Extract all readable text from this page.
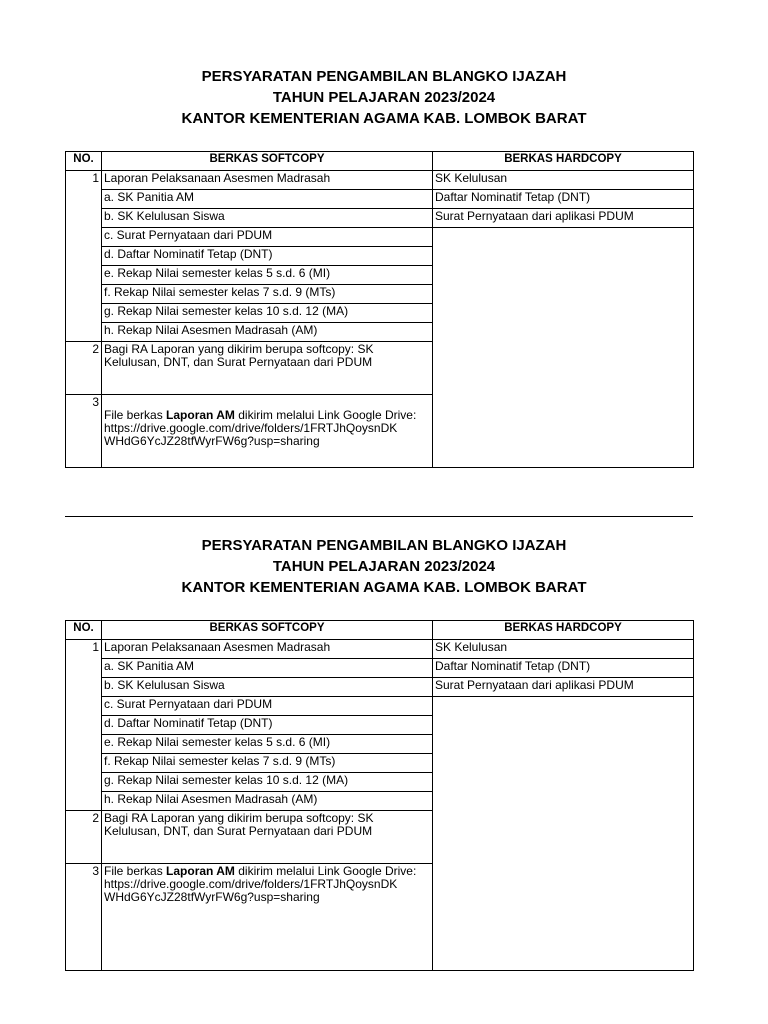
PERSYARATAN PENGAMBILAN BLANGKO IJAZAH
TAHUN PELAJARAN 2023/2024
KANTOR KEMENTERIAN AGAMA KAB. LOMBOK BARAT
NO.	BERKAS SOFTCOPY	BERKAS HARDCOPY
1	Laporan Pelaksanaan Asesmen Madrasah	SK Kelulusan
	a. SK Panitia AM	Daftar Nominatif Tetap (DNT)
	b. SK Kelulusan Siswa	Surat Pernyataan dari aplikasi PDUM
	c. Surat Pernyataan dari PDUM	
	d. Daftar Nominatif Tetap (DNT)	
	e. Rekap Nilai semester kelas 5 s.d. 6 (MI)	
	f. Rekap Nilai semester kelas 7 s.d. 9 (MTs)	
	g. Rekap Nilai semester kelas 10 s.d. 12 (MA)	
	h. Rekap Nilai Asesmen Madrasah (AM)	
2	Bagi RA Laporan yang dikirim berupa softcopy: SK Kelulusan, DNT, dan Surat Pernyataan dari PDUM	
3	File berkas Laporan AM dikirim melalui Link Google Drive:
https://drive.google.com/drive/folders/1FRTJhQoysnDK
WHdG6YcJZ28tfWyrFW6g?usp=sharing	
PERSYARATAN PENGAMBILAN BLANGKO IJAZAH
TAHUN PELAJARAN 2023/2024
KANTOR KEMENTERIAN AGAMA KAB. LOMBOK BARAT
NO.	BERKAS SOFTCOPY	BERKAS HARDCOPY
1	Laporan Pelaksanaan Asesmen Madrasah	SK Kelulusan
	a. SK Panitia AM	Daftar Nominatif Tetap (DNT)
	b. SK Kelulusan Siswa	Surat Pernyataan dari aplikasi PDUM
	c. Surat Pernyataan dari PDUM	
	d. Daftar Nominatif Tetap (DNT)	
	e. Rekap Nilai semester kelas 5 s.d. 6 (MI)	
	f. Rekap Nilai semester kelas 7 s.d. 9 (MTs)	
	g. Rekap Nilai semester kelas 10 s.d. 12 (MA)	
	h. Rekap Nilai Asesmen Madrasah (AM)	
2	Bagi RA Laporan yang dikirim berupa softcopy: SK Kelulusan, DNT, dan Surat Pernyataan dari PDUM	
3	File berkas Laporan AM dikirim melalui Link Google Drive:
https://drive.google.com/drive/folders/1FRTJhQoysnDK
WHdG6YcJZ28tfWyrFW6g?usp=sharing	
